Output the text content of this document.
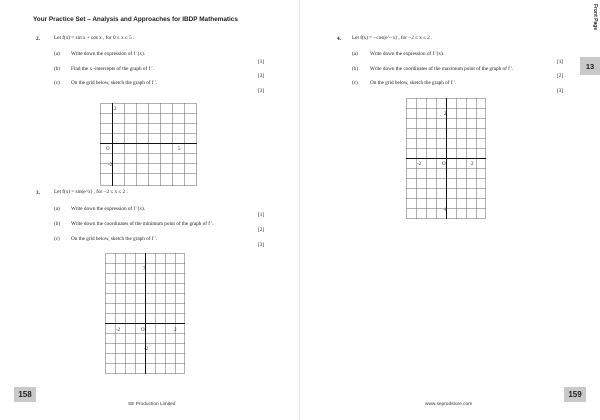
Your Practice Set – Analysis and Approaches for IBDP Mathematics	Front Page
13
2.	Let f(x) = sin x + cos x , for 0 ≤ x ≤ 5 .
(a) Write down the expression of f ′(x).
[1]
(b) Find the x -intercepts of the graph of f ′.
[3]
(c) On the grid below, sketch the graph of f ′.
[3]
2
-2
O	5
3.	Let f(x) = sin(e^x) , for −2 ≤ x ≤ 2 .
(a) Write down the expression of f ′(x).
[1]
(b) Write down the coordinates of the minimum point of the graph of f ′.
[2]
(c) On the grid below, sketch the graph of f ′.
[3]
7
-2
O
-2	2
4. Let f(x) = −cos(e^−x) , for −2 ≤ x ≤ 2 .
(a) Write down the expression of f ′(x).
[1]
(b) Write down the coordinates of the maximum point of the graph of f ′.
[2]
(c) On the grid below, sketch the graph of f ′.
[3]
2
-8
O
-2	2
158	159
SE Production Limited	www.seprodstore.com
